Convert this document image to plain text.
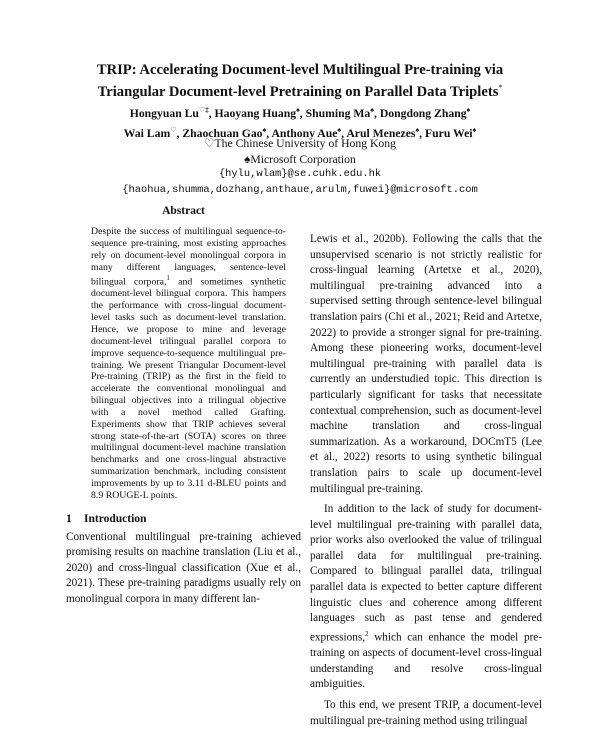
TRIP: Accelerating Document-level Multilingual Pre-training via
Triangular Document-level Pretraining on Parallel Data Triplets*
Hongyuan Lu♡‡, Haoyang Huang♠, Shuming Ma♠, Dongdong Zhang♠
Wai Lam♡, Zhaochuan Gao♠, Anthony Aue♠, Arul Menezes♠, Furu Wei♠
♡The Chinese University of Hong Kong
♠Microsoft Corporation
{hylu,wlam}@se.cuhk.edu.hk
{haohua,shumma,dozhang,anthaue,arulm,fuwei}@microsoft.com
Abstract

Despite the success of multilingual sequence-to-sequence pre-training, most existing approaches rely on document-level monolingual corpora in many different languages, sentence-level bilingual corpora,$^1$ and sometimes synthetic document-level bilingual corpora. This hampers the performance with cross-lingual document-level tasks such as document-level translation. Hence, we propose to mine and leverage document-level trilingual parallel corpora to improve sequence-to-sequence multilingual pre-training. We present Triangular Document-level Pre-training (TRIP) as the first in the field to accelerate the conventional monolingual and bilingual objectives into a trilingual objective with a novel method called Grafting. Experiments show that TRIP achieves several strong state-of-the-art (SOTA) scores on three multilingual document-level machine translation benchmarks and one cross-lingual abstractive summarization benchmark, including consistent improvements by up to 3.11 d-BLEU points and 8.9 ROUGE-L points.

1 Introduction

Conventional multilingual pre-training achieved promising results on machine translation (Liu et al., 2020) and cross-lingual classification (Xue et al., 2021). These pre-training paradigms usually rely on monolingual corpora in many different lan-

Lewis et al., 2020b). Following the calls that the unsupervised scenario is not strictly realistic for cross-lingual learning (Artetxe et al., 2020), multilingual pre-training advanced into a supervised setting through sentence-level bilingual translation pairs (Chi et al., 2021; Reid and Artetxe, 2022) to provide a stronger signal for pre-training. Among these pioneering works, document-level multilingual pre-training with parallel data is currently an understudied topic. This direction is particularly significant for tasks that necessitate contextual comprehension, such as document-level machine translation and cross-lingual summarization. As a workaround, DOCmT5 (Lee et al., 2022) resorts to using synthetic bilingual translation pairs to scale up document-level multilingual pre-training.

In addition to the lack of study for document-level multilingual pre-training with parallel data, prior works also overlooked the value of trilingual parallel data for multilingual pre-training. Compared to bilingual parallel data, trilingual parallel data is expected to better capture different linguistic clues and coherence among different languages such as past tense and gendered expressions,$^2$ which can enhance the model pre-training on aspects of document-level cross-lingual understanding and resolve cross-lingual ambiguities.

To this end, we present TRIP, a document-level multilingual pre-training method using trilingual
